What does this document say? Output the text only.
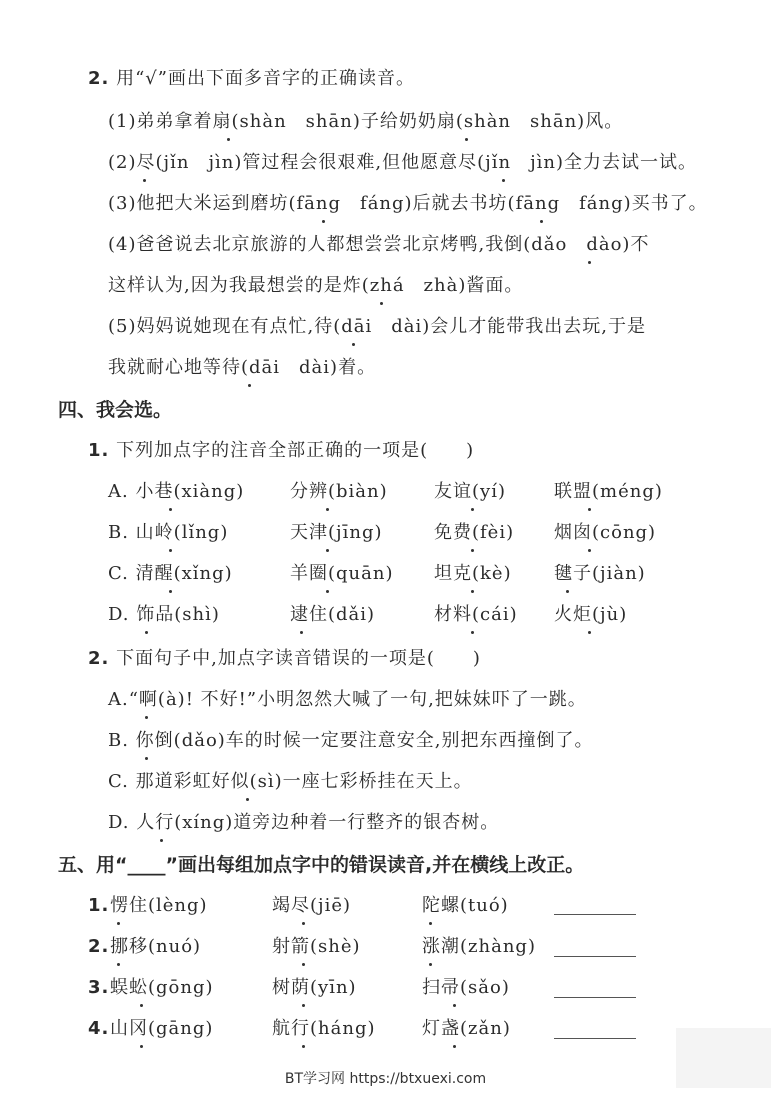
2. 用“√”画出下面多音字的正确读音。
(1)弟弟拿着扇(shàn　shān)子给奶奶扇(shàn　shān)风。
(2)尽(jǐn　jìn)管过程会很艰难,但他愿意尽(jǐn　jìn)全力去试一试。
(3)他把大米运到磨坊(fāng　fáng)后就去书坊(fāng　fáng)买书了。
(4)爸爸说去北京旅游的人都想尝尝北京烤鸭,我倒(dǎo　dào)不
这样认为,因为我最想尝的是炸(zhá　zhà)酱面。
(5)妈妈说她现在有点忙,待(dāi　dài)会儿才能带我出去玩,于是
我就耐心地等待(dāi　dài)着。
四、我会选。
1. 下列加点字的注音全部正确的一项是(　　)
A. 小巷(xiàng)	分辨(biàn)	友谊(yí)	联盟(méng)
B. 山岭(lǐng)	天津(jīng)	免费(fèi) 烟囱(cōng)
C. 清醒(xǐng)	羊圈(quān) 坦克(kè) 毽子(jiàn)
D. 饰品(shì)	逮住(dǎi)	材料(cái) 火炬(jù)
2. 下面句子中,加点字读音错误的一项是(　　)
A.“啊(à)! 不好!”小明忽然大喊了一句,把妹妹吓了一跳。
B. 你倒(dǎo)车的时候一定要注意安全,别把东西撞倒了。
C. 那道彩虹好似(sì)一座七彩桥挂在天上。
D. 人行(xíng)道旁边种着一行整齐的银杏树。
五、用“____”画出每组加点字中的错误读音,并在横线上改正。
1. 愣住(lèng)	竭尽(jiē)	陀螺(tuó)
2. 挪移(nuó)	射箭(shè)	涨潮(zhàng)
3. 蜈蚣(gōng)	树荫(yīn)	扫帚(sǎo)
4. 山冈(gāng)	航行(háng)	灯盏(zǎn)
BT学习网 https://btxuexi.com
